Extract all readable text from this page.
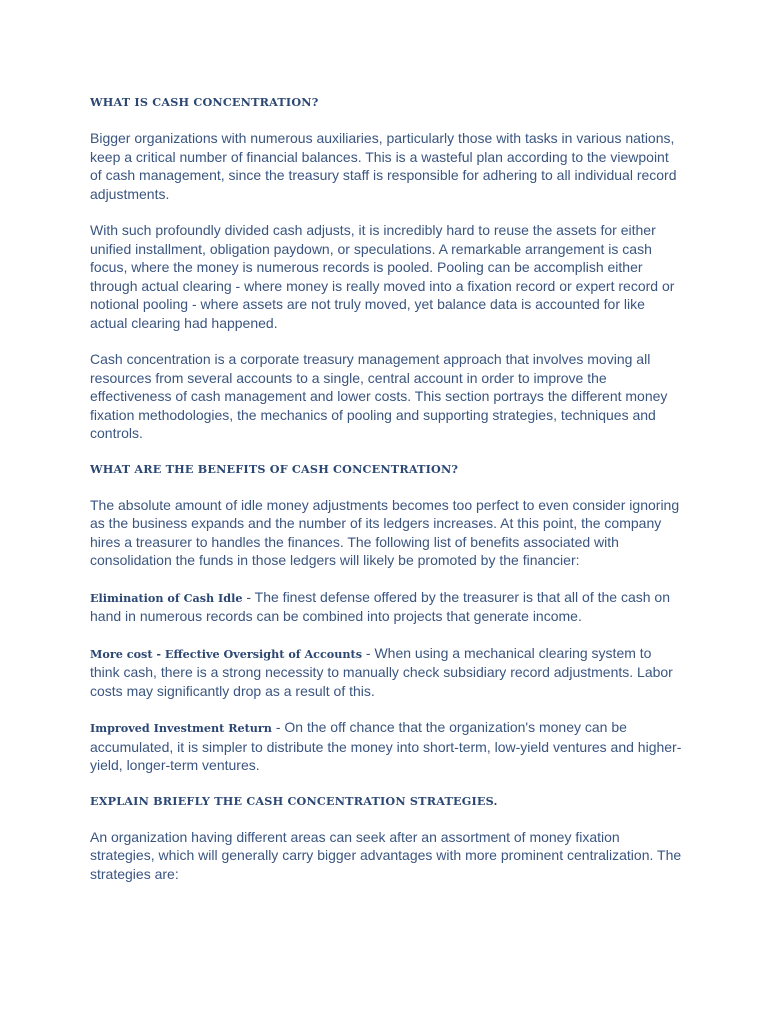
WHAT IS CASH CONCENTRATION?

Bigger organizations with numerous auxiliaries, particularly those with tasks in various nations, keep a critical number of financial balances. This is a wasteful plan according to the viewpoint of cash management, since the treasury staff is responsible for adhering to all individual record adjustments.

With such profoundly divided cash adjusts, it is incredibly hard to reuse the assets for either unified installment, obligation paydown, or speculations. A remarkable arrangement is cash focus, where the money is numerous records is pooled. Pooling can be accomplish either through actual clearing - where money is really moved into a fixation record or expert record or notional pooling - where assets are not truly moved, yet balance data is accounted for like actual clearing had happened.

Cash concentration is a corporate treasury management approach that involves moving all resources from several accounts to a single, central account in order to improve the effectiveness of cash management and lower costs. This section portrays the different money fixation methodologies, the mechanics of pooling and supporting strategies, techniques and controls.

WHAT ARE THE BENEFITS OF CASH CONCENTRATION?

The absolute amount of idle money adjustments becomes too perfect to even consider ignoring as the business expands and the number of its ledgers increases. At this point, the company hires a treasurer to handles the finances. The following list of benefits associated with consolidation the funds in those ledgers will likely be promoted by the financier:

Elimination of Cash Idle - The finest defense offered by the treasurer is that all of the cash on hand in numerous records can be combined into projects that generate income.

More cost - Effective Oversight of Accounts - When using a mechanical clearing system to think cash, there is a strong necessity to manually check subsidiary record adjustments. Labor costs may significantly drop as a result of this.

Improved Investment Return - On the off chance that the organization's money can be accumulated, it is simpler to distribute the money into short-term, low-yield ventures and higher-yield, longer-term ventures.

EXPLAIN BRIEFLY THE CASH CONCENTRATION STRATEGIES.

An organization having different areas can seek after an assortment of money fixation strategies, which will generally carry bigger advantages with more prominent centralization. The strategies are:
